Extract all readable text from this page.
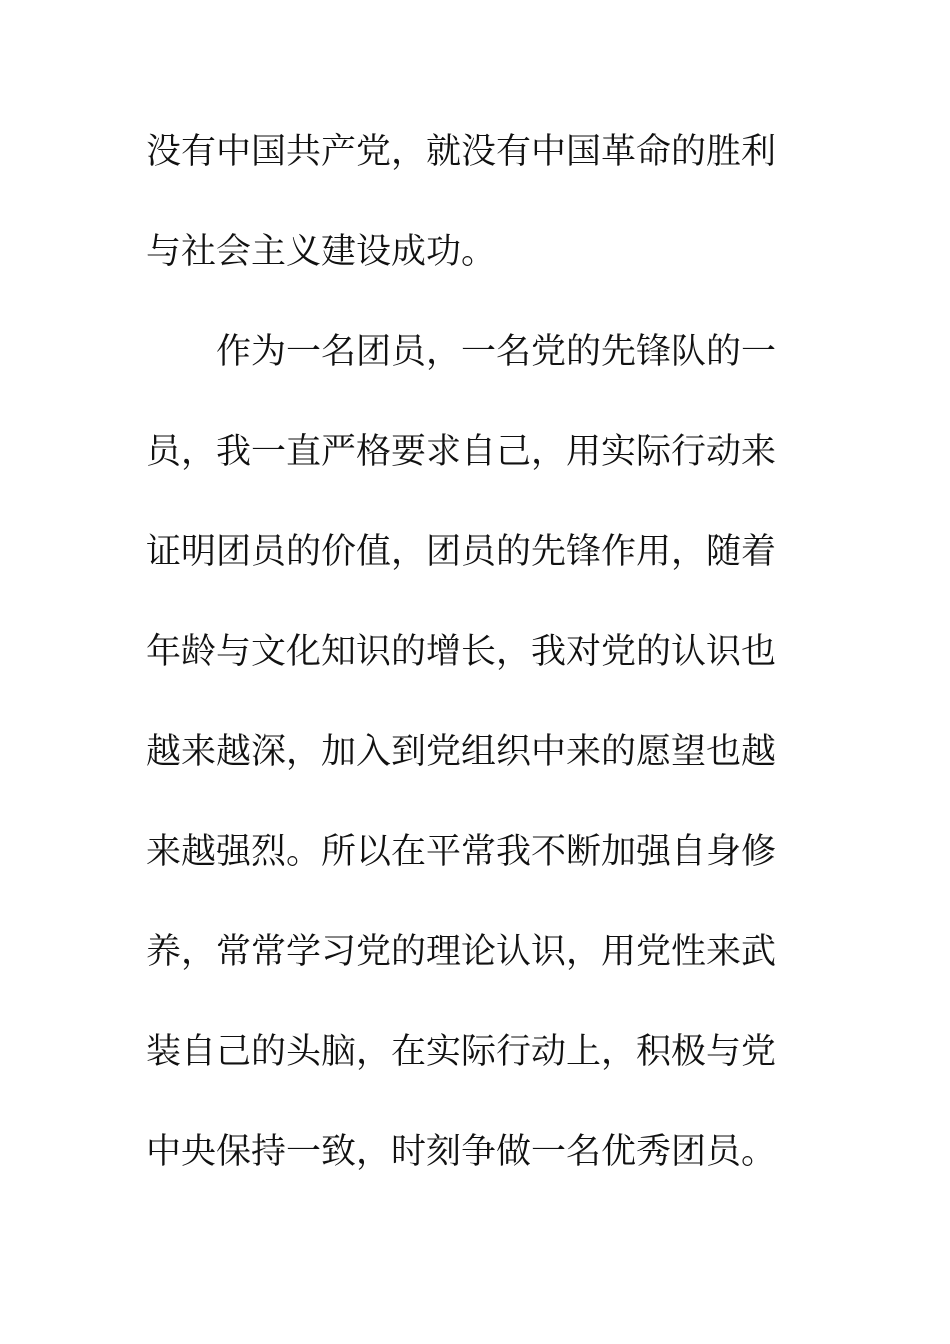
没有中国共产党，就没有中国革命的胜利
与社会主义建设成功。
作为一名团员，一名党的先锋队的一
员，我一直严格要求自己，用实际行动来
证明团员的价值，团员的先锋作用，随着
年龄与文化知识的增长，我对党的认识也
越来越深，加入到党组织中来的愿望也越
来越强烈。所以在平常我不断加强自身修
养，常常学习党的理论认识，用党性来武
装自己的头脑，在实际行动上，积极与党
中央保持一致，时刻争做一名优秀团员。
